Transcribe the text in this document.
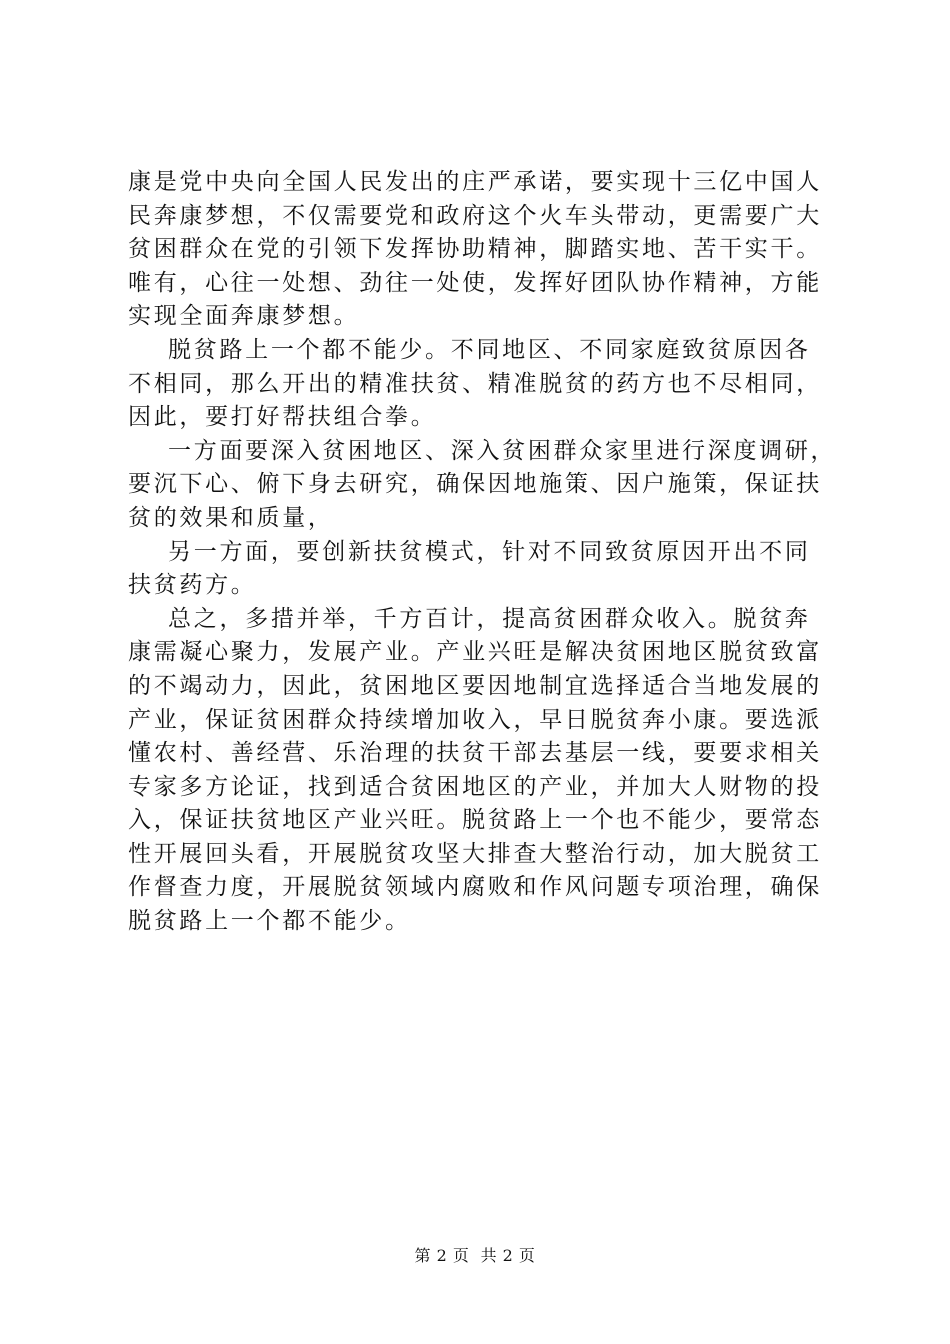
康是党中央向全国人民发出的庄严承诺，要实现十三亿中国人
民奔康梦想，不仅需要党和政府这个火车头带动，更需要广大
贫困群众在党的引领下发挥协助精神，脚踏实地、苦干实干。
唯有，心往一处想、劲往一处使，发挥好团队协作精神，方能
实现全面奔康梦想。
脱贫路上一个都不能少。不同地区、不同家庭致贫原因各
不相同，那么开出的精准扶贫、精准脱贫的药方也不尽相同，
因此，要打好帮扶组合拳。
一方面要深入贫困地区、深入贫困群众家里进行深度调研，
要沉下心、俯下身去研究，确保因地施策、因户施策，保证扶
贫的效果和质量，
另一方面，要创新扶贫模式，针对不同致贫原因开出不同
扶贫药方。
总之，多措并举，千方百计，提高贫困群众收入。脱贫奔
康需凝心聚力，发展产业。产业兴旺是解决贫困地区脱贫致富
的不竭动力，因此，贫困地区要因地制宜选择适合当地发展的
产业，保证贫困群众持续增加收入，早日脱贫奔小康。要选派
懂农村、善经营、乐治理的扶贫干部去基层一线，要要求相关
专家多方论证，找到适合贫困地区的产业，并加大人财物的投
入，保证扶贫地区产业兴旺。脱贫路上一个也不能少，要常态
性开展回头看，开展脱贫攻坚大排查大整治行动，加大脱贫工
作督查力度，开展脱贫领域内腐败和作风问题专项治理，确保
脱贫路上一个都不能少。
第 2 页  共 2 页
